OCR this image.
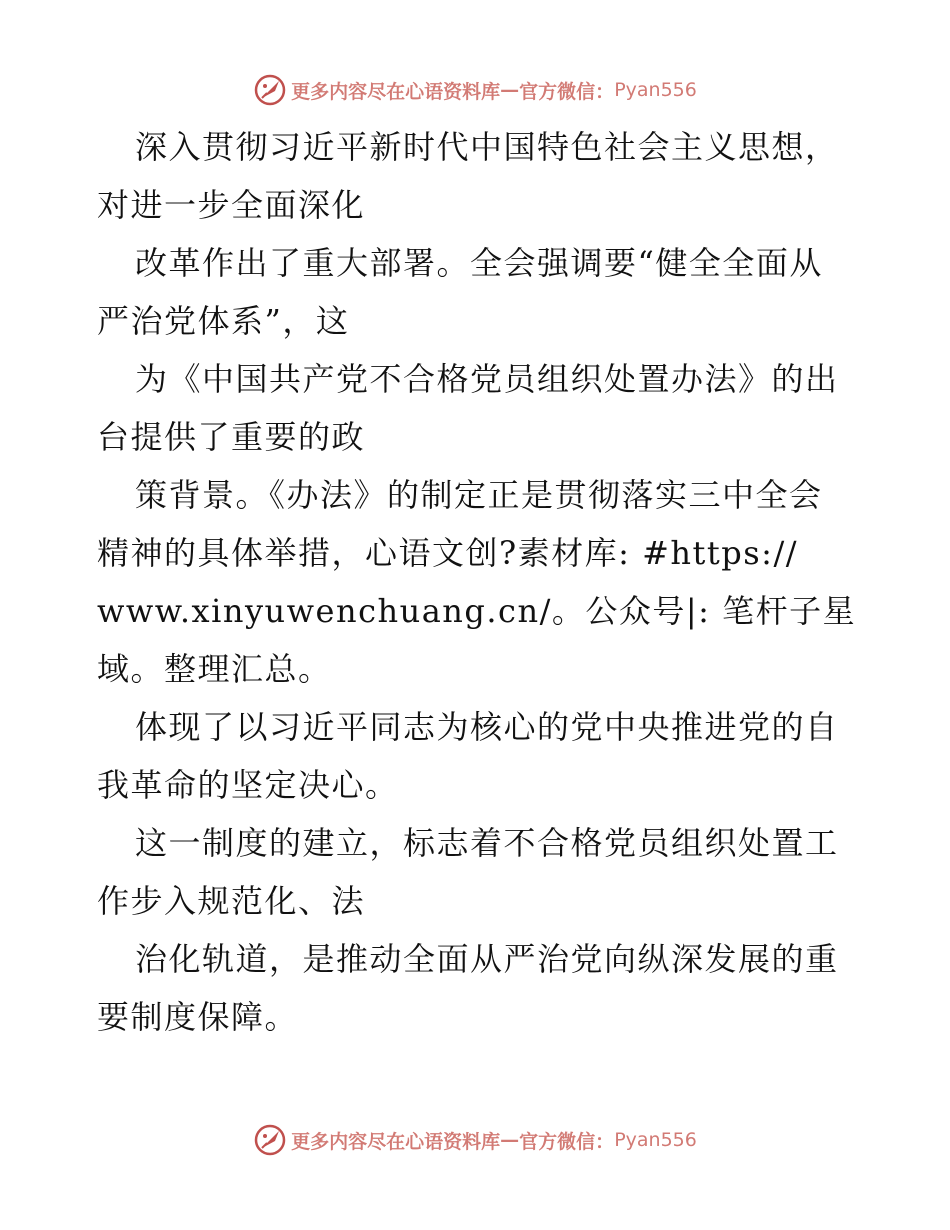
更多内容尽在心语资料库 — 官方微信： Pyan556
深入贯彻习近平新时代中国特色社会主义思想，
对进一步全面深化
改革作出了重大部署。全会强调要“健全全面从
严治党体系”，这
为《中国共产党不合格党员组织处置办法》的出
台提供了重要的政
策背景。《办法》的制定正是贯彻落实三中全会
精神的具体举措，心语文创?素材库: #https://
www.xinyuwenchuang.cn/。公众号|: 笔杆子星
域。整理汇总。
体现了以习近平同志为核心的党中央推进党的自
我革命的坚定决心。
这一制度的建立，标志着不合格党员组织处置工
作步入规范化、法
治化轨道，是推动全面从严治党向纵深发展的重
要制度保障。
更多内容尽在心语资料库 — 官方微信： Pyan556
